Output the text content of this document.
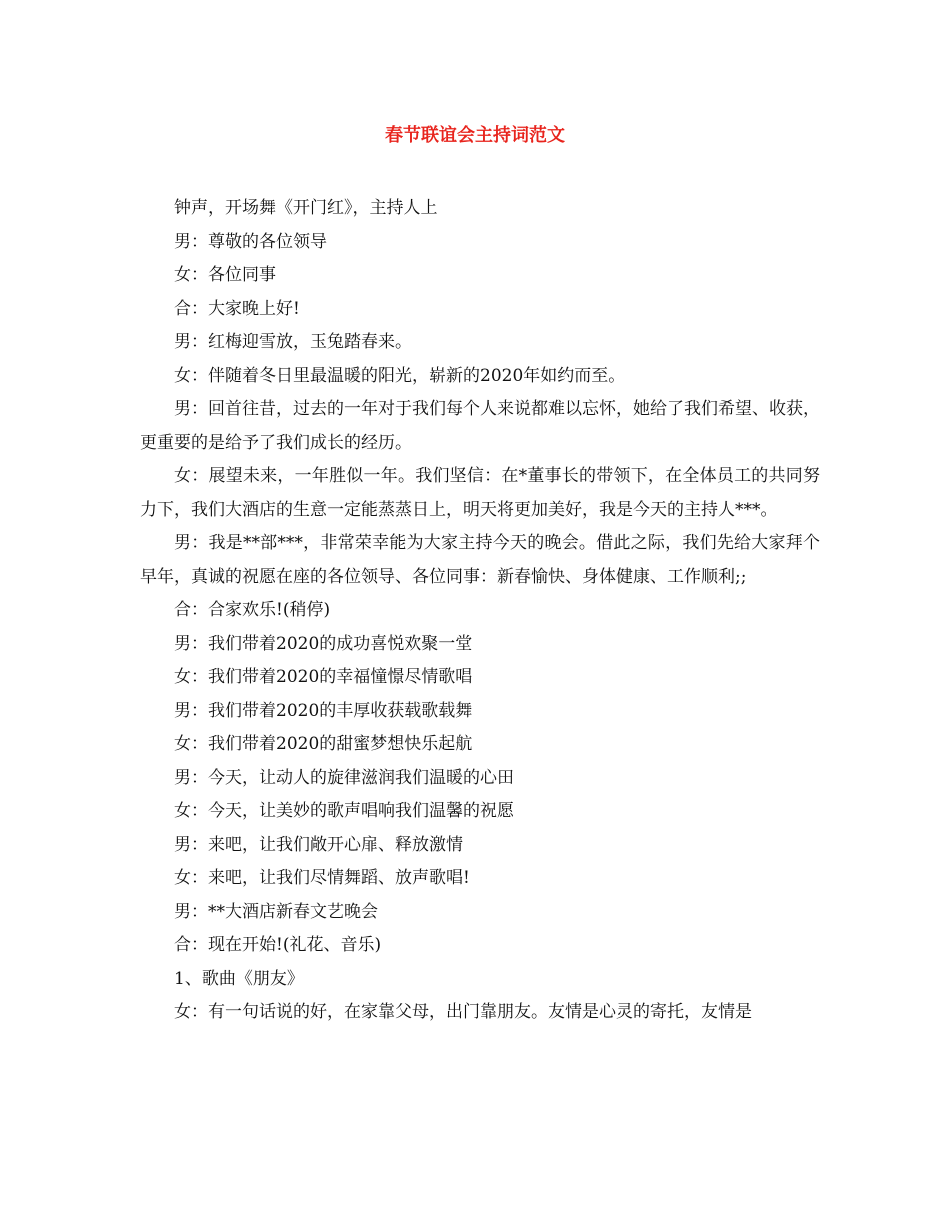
春节联谊会主持词范文

钟声，开场舞《开门红》，主持人上

男：尊敬的各位领导

女：各位同事

合：大家晚上好!

男：红梅迎雪放，玉兔踏春来。

女：伴随着冬日里最温暖的阳光，崭新的2020年如约而至。

男：回首往昔，过去的一年对于我们每个人来说都难以忘怀，她给了我们希望、收获，更重要的是给予了我们成长的经历。

女：展望未来，一年胜似一年。我们坚信：在*董事长的带领下，在全体员工的共同努力下，我们大酒店的生意一定能蒸蒸日上，明天将更加美好，我是今天的主持人***。

男：我是**部***，非常荣幸能为大家主持今天的晚会。借此之际，我们先给大家拜个早年，真诚的祝愿在座的各位领导、各位同事：新春愉快、身体健康、工作顺利;;

合：合家欢乐!(稍停)

男：我们带着2020的成功喜悦欢聚一堂

女：我们带着2020的幸福憧憬尽情歌唱

男：我们带着2020的丰厚收获载歌载舞

女：我们带着2020的甜蜜梦想快乐起航

男：今天，让动人的旋律滋润我们温暖的心田

女：今天，让美妙的歌声唱响我们温馨的祝愿

男：来吧，让我们敞开心扉、释放激情

女：来吧，让我们尽情舞蹈、放声歌唱!

男：**大酒店新春文艺晚会

合：现在开始!(礼花、音乐)

1、歌曲《朋友》

女：有一句话说的好，在家靠父母，出门靠朋友。友情是心灵的寄托，友情是
